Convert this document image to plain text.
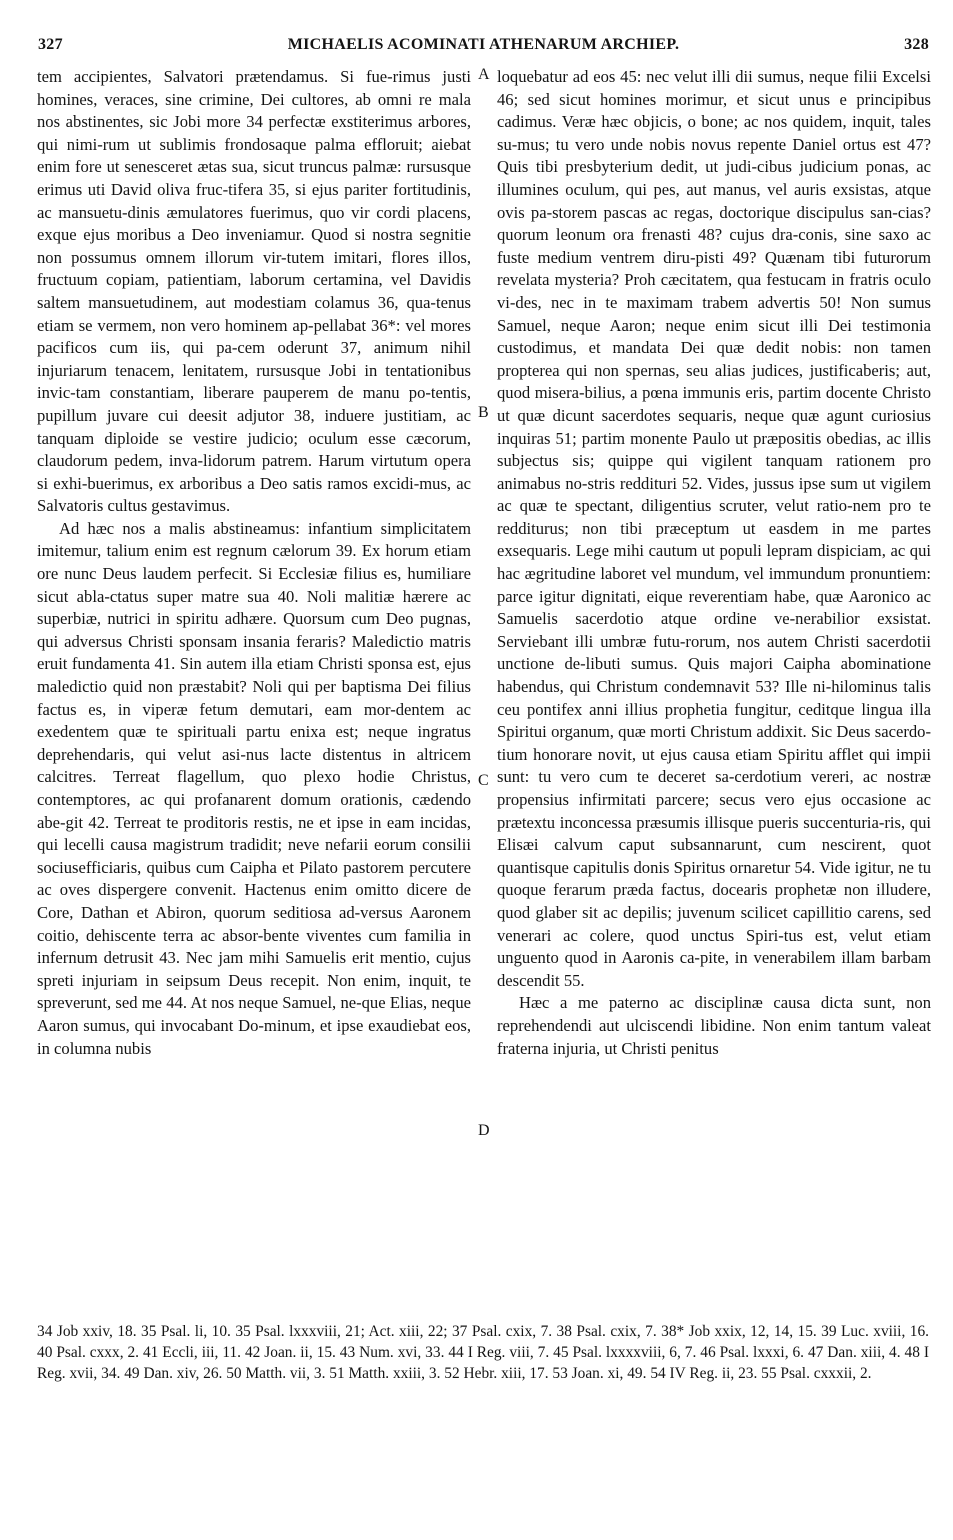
327	MICHAELIS ACOMINATI ATHENARUM ARCHIEP.	328

tem accipientes, Salvatori prætendamus. Si fue-rimus justi homines, veraces, sine crimine, Dei cultores, ab omni re mala nos abstinentes, sic Jobi more 34 perfectæ exstiterimus arbores, qui nimi-rum ut sublimis frondosaque palma effloruit; aiebat enim fore ut senesceret ætas sua, sicut truncus palmæ: rursusque erimus uti David oliva fruc-tifera 35, si ejus pariter fortitudinis, ac mansuetu-dinis æmulatores fuerimus, quo vir cordi placens, exque ejus moribus a Deo inveniamur. Quod si nostra segnitie non possumus omnem illorum vir-tutem imitari, flores illos, fructuum copiam, patientiam, laborum certamina, vel Davidis saltem mansuetudinem, aut modestiam colamus 36, qua-tenus etiam se vermem, non vero hominem ap-pellabat 36*: vel mores pacificos cum iis, qui pa-cem oderunt 37, animum nihil injuriarum tenacem, lenitatem, rursusque Jobi in tentationibus invic-tam constantiam, liberare pauperem de manu po-tentis, pupillum juvare cui deesit adjutor 38, induere justitiam, ac tanquam diploide se vestire judicio; oculum esse cæcorum, claudorum pedem, inva-lidorum patrem. Harum virtutum opera si exhi-buerimus, ex arboribus a Deo satis ramos excidi-mus, ac Salvatoris cultus gestavimus.

Ad hæc nos a malis abstineamus: infantium simplicitatem imitemur, talium enim est regnum cælorum 39. Ex horum etiam ore nunc Deus laudem perfecit. Si Ecclesiæ filius es, humiliare sicut abla-ctatus super matre sua 40. Noli malitiæ hærere ac superbiæ, nutrici in spiritu adhære. Quorsum cum Deo pugnas, qui adversus Christi sponsam insania feraris? Maledictio matris eruit fundamenta 41. Sin autem illa etiam Christi sponsa est, ejus maledictio quid non præstabit? Noli qui per baptisma Dei filius factus es, in viperæ fetum demutari, eam mor-dentem ac exedentem quæ te spirituali partu enixa est; neque ingratus deprehendaris, qui velut asi-nus lacte distentus in altricem calcitres. Terreat flagellum, quo plexo hodie Christus, contemptores, ac qui profanarent domum orationis, cædendo abe-git 42. Terreat te proditoris restis, ne et ipse in eam incidas, qui lecelli causa magistrum tradidit; neve nefarii eorum consilii sociusefficiaris, quibus cum Caipha et Pilato pastorem percutere ac oves dispergere convenit. Hactenus enim omitto dicere de Core, Dathan et Abiron, quorum seditiosa ad-versus Aaronem coitio, dehiscente terra ac absor-bente viventes cum familia in infernum detrusit 43. Nec jam mihi Samuelis erit mentio, cujus spreti injuriam in seipsum Deus recepit. Non enim, inquit, te spreverunt, sed me 44. At nos neque Samuel, ne-que Elias, neque Aaron sumus, qui invocabant Do-minum, et ipse exaudiebat eos, in columna nubis

A
B
C
D

loquebatur ad eos 45: nec velut illi dii sumus, neque filii Excelsi 46; sed sicut homines morimur, et sicut unus e principibus cadimus. Veræ hæc objicis, o bone; ac nos quidem, inquit, tales su-mus; tu vero unde nobis novus repente Daniel ortus est 47? Quis tibi presbyterium dedit, ut judi-cibus judicium ponas, ac illumines oculum, qui pes, aut manus, vel auris exsistas, atque ovis pa-storem pascas ac regas, doctorique discipulus san-cias? quorum leonum ora frenasti 48? cujus dra-conis, sine saxo ac fuste medium ventrem diru-pisti 49? Quænam tibi futurorum revelata mysteria? Proh cæcitatem, qua festucam in fratris oculo vi-des, nec in te maximam trabem advertis 50! Non sumus Samuel, neque Aaron; neque enim sicut illi Dei testimonia custodimus, et mandata Dei quæ dedit nobis: non tamen propterea qui non spernas, seu alias judices, justificaberis; aut, quod misera-bilius, a pœna immunis eris, partim docente Christo ut quæ dicunt sacerdotes sequaris, neque quæ agunt curiosius inquiras 51; partim monente Paulo ut præpositis obedias, ac illis subjectus sis; quippe qui vigilent tanquam rationem pro animabus no-stris reddituri 52. Vides, jussus ipse sum ut vigilem ac quæ te spectant, diligentius scruter, velut ratio-nem pro te redditurus; non tibi præceptum ut easdem in me partes exsequaris. Lege mihi cautum ut populi lepram dispiciam, ac qui hac ægritudine laboret vel mundum, vel immundum pronuntiem: parce igitur dignitati, eique reverentiam habe, quæ Aaronico ac Samuelis sacerdotio atque ordine ve-nerabilior exsistat. Serviebant illi umbræ futu-rorum, nos autem Christi sacerdotii unctione de-libuti sumus. Quis majori Caipha abominatione habendus, qui Christum condemnavit 53? Ille ni-hilominus talis ceu pontifex anni illius prophetia fungitur, ceditque lingua illa Spiritui organum, quæ morti Christum addixit. Sic Deus sacerdo-tium honorare novit, ut ejus causa etiam Spiritu afflet qui impii sunt: tu vero cum te deceret sa-cerdotium vereri, ac nostræ propensius infirmitati parcere; secus vero ejus occasione ac prætextu inconcessa præsumis illisque pueris succenturia-ris, qui Elisæi calvum caput subsannarunt, cum nescirent, quot quantisque capitulis donis Spiritus ornaretur 54. Vide igitur, ne tu quoque ferarum præda factus, docearis prophetæ non illudere, quod glaber sit ac depilis; juvenum scilicet capillitio carens, sed venerari ac colere, quod unctus Spiri-tus est, velut etiam unguento quod in Aaronis ca-pite, in venerabilem illam barbam descendit 55.

Hæc a me paterno ac disciplinæ causa dicta sunt, non reprehendendi aut ulciscendi libidine. Non enim tantum valeat fraterna injuria, ut Christi penitus

34 Job xxiv, 18. 35 Psal. li, 10. 35 Psal. lxxxviii, 21; Act. xiii, 22; 37 Psal. cxix, 7. 38 Psal. cxix, 7. 38* Job xxix, 12, 14, 15. 39 Luc. xviii, 16. 40 Psal. cxxx, 2. 41 Eccli, iii, 11. 42 Joan. ii, 15. 43 Num. xvi, 33. 44 I Reg. viii, 7. 45 Psal. lxxxxviii, 6, 7. 46 Psal. lxxxi, 6. 47 Dan. xiii, 4. 48 I Reg. xvii, 34. 49 Dan. xiv, 26. 50 Matth. vii, 3. 51 Matth. xxiii, 3. 52 Hebr. xiii, 17. 53 Joan. xi, 49. 54 IV Reg. ii, 23. 55 Psal. cxxxii, 2.
